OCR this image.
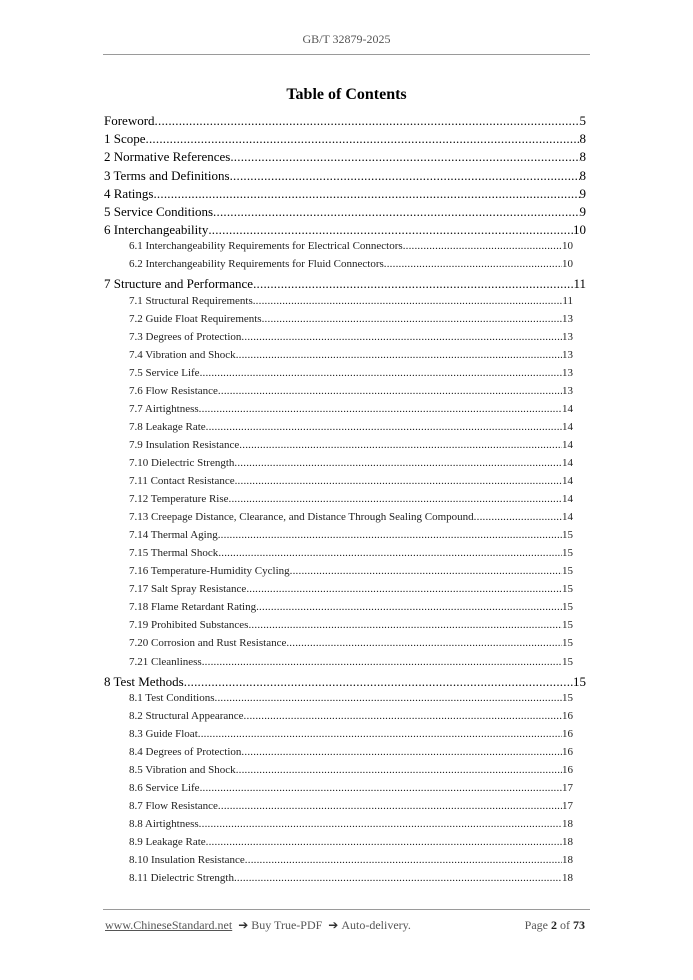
GB/T 32879-2025
Table of Contents
Foreword .....	5
1 Scope .....	8
2 Normative References .....	8
3 Terms and Definitions .....	8
4 Ratings .....	9
5 Service Conditions .....	9
6 Interchangeability .....	10
6.1 Interchangeability Requirements for Electrical Connectors .....	10
6.2 Interchangeability Requirements for Fluid Connectors .....	10
7 Structure and Performance .....	11
7.1 Structural Requirements .....	11
7.2 Guide Float Requirements .....	13
7.3 Degrees of Protection .....	13
7.4 Vibration and Shock .....	13
7.5 Service Life .....	13
7.6 Flow Resistance .....	13
7.7 Airtightness .....	14
7.8 Leakage Rate .....	14
7.9 Insulation Resistance .....	14
7.10 Dielectric Strength .....	14
7.11 Contact Resistance .....	14
7.12 Temperature Rise .....	14
7.13 Creepage Distance, Clearance, and Distance Through Sealing Compound .....	14
7.14 Thermal Aging .....	15
7.15 Thermal Shock .....	15
7.16 Temperature-Humidity Cycling .....	15
7.17 Salt Spray Resistance .....	15
7.18 Flame Retardant Rating .....	15
7.19 Prohibited Substances .....	15
7.20 Corrosion and Rust Resistance .....	15
7.21 Cleanliness .....	15
8 Test Methods .....	15
8.1 Test Conditions .....	15
8.2 Structural Appearance .....	16
8.3 Guide Float .....	16
8.4 Degrees of Protection .....	16
8.5 Vibration and Shock .....	16
8.6 Service Life .....	17
8.7 Flow Resistance .....	17
8.8 Airtightness .....	18
8.9 Leakage Rate .....	18
8.10 Insulation Resistance .....	18
8.11 Dielectric Strength .....	18
www.ChineseStandard.net ➔ Buy True-PDF ➔ Auto-delivery.	Page 2 of 73
